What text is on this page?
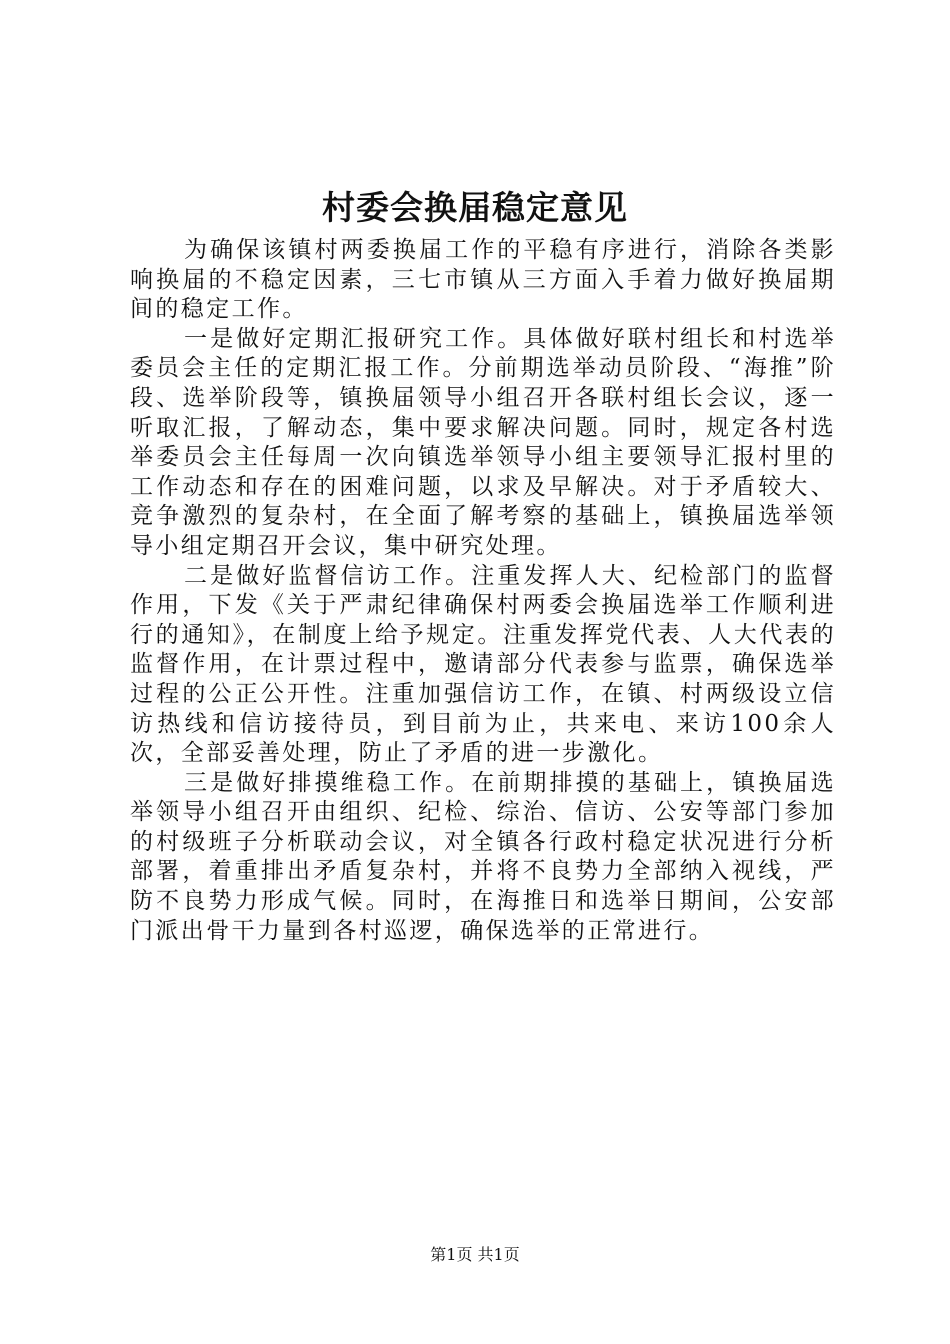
村委会换届稳定意见

为确保该镇村两委换届工作的平稳有序进行，消除各类影响换届的不稳定因素，三七市镇从三方面入手着力做好换届期间的稳定工作。

一是做好定期汇报研究工作。具体做好联村组长和村选举委员会主任的定期汇报工作。分前期选举动员阶段、“海推”阶段、选举阶段等，镇换届领导小组召开各联村组长会议，逐一听取汇报，了解动态，集中要求解决问题。同时，规定各村选举委员会主任每周一次向镇选举领导小组主要领导汇报村里的工作动态和存在的困难问题，以求及早解决。对于矛盾较大、竞争激烈的复杂村，在全面了解考察的基础上，镇换届选举领导小组定期召开会议，集中研究处理。

二是做好监督信访工作。注重发挥人大、纪检部门的监督作用，下发《关于严肃纪律确保村两委会换届选举工作顺利进行的通知》，在制度上给予规定。注重发挥党代表、人大代表的监督作用，在计票过程中，邀请部分代表参与监票，确保选举过程的公正公开性。注重加强信访工作，在镇、村两级设立信访热线和信访接待员，到目前为止，共来电、来访100余人次，全部妥善处理，防止了矛盾的进一步激化。

三是做好排摸维稳工作。在前期排摸的基础上，镇换届选举领导小组召开由组织、纪检、综治、信访、公安等部门参加的村级班子分析联动会议，对全镇各行政村稳定状况进行分析部署，着重排出矛盾复杂村，并将不良势力全部纳入视线，严防不良势力形成气候。同时，在海推日和选举日期间，公安部门派出骨干力量到各村巡逻，确保选举的正常进行。

第1页 共1页
